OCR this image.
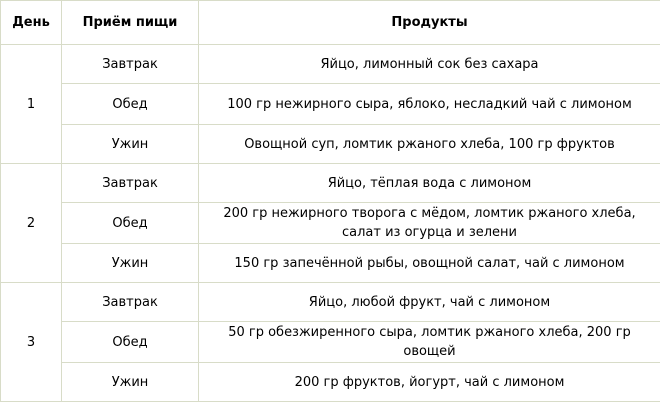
День	Приём пищи	Продукты
1	Завтрак	Яйцо, лимонный сок без сахара
	Обед	100 гр нежирного сыра, яблоко, несладкий чай с лимоном
	Ужин	Овощной суп, ломтик ржаного хлеба, 100 гр фруктов
2	Завтрак	Яйцо, тёплая вода с лимоном
	Обед	200 гр нежирного творога с мёдом, ломтик ржаного хлеба, салат из огурца и зелени
	Ужин	150 гр запечённой рыбы, овощной салат, чай с лимоном
3	Завтрак	Яйцо, любой фрукт, чай с лимоном
	Обед	50 гр обезжиренного сыра, ломтик ржаного хлеба, 200 гр овощей
	Ужин	200 гр фруктов, йогурт, чай с лимоном
